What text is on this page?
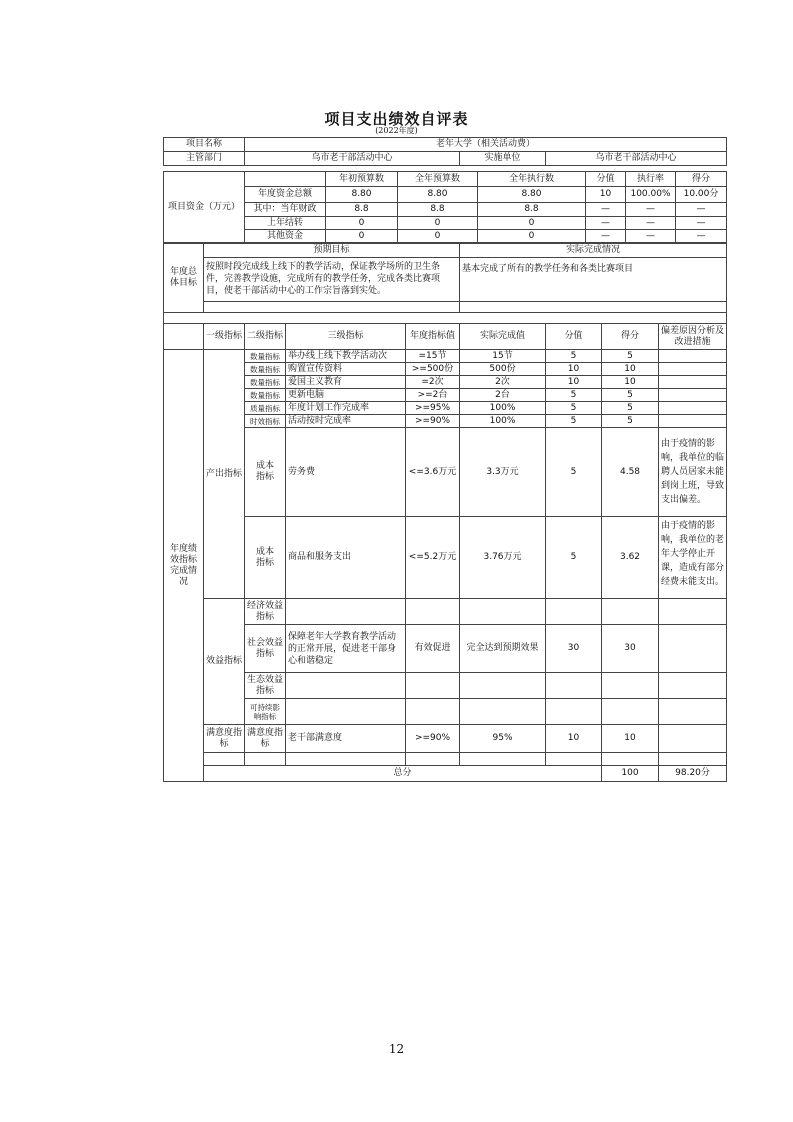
项目支出绩效自评表
(2022年度)
项目名称	老年大学（相关活动费）		
主管部门	乌市老干部活动中心	实施单位	乌市老干部活动中心
项目资金（万元）		年初预算数	全年预算数	全年执行数	分值	执行率	得分
	年度资金总额	8.80	8.80	8.80	10	100.00%	10.00分
	其中：当年财政	8.8	8.8	8.8	—	—	—
	上年结转	0	0	0	—	—	—
	其他资金	0	0	0	—	—	—
年度总体目标	预期目标				实际完成情况				
	按照时段完成线上线下的教学活动，保证教学场所的卫生条件，完善教学设施，完成所有的教学任务，完成各类比赛项目，使老干部活动中心的工作宗旨落到实处。				基本完成了所有的教学任务和各类比赛项目				

	一级指标	二级指标	三级指标	年度指标值	实际完成值	分值	得分	偏差原因分析及改进措施	
年度绩效指标完成情况	产出指标	数量指标	举办线上线下教学活动次	=15节	15节	5	5		
		数量指标	购置宣传资料	>=500份	500份	10	10		
		数量指标	爱国主义教育	=2次	2次	10	10		
		数量指标	更新电脑	>=2台	2台	5	5		
		质量指标	年度计划工作完成率	>=95%	100%	5	5		
		时效指标	活动按时完成率	>=90%	100%	5	5		
		成本指标	劳务费	<=3.6万元	3.3万元	5	4.58	由于疫情的影响，我单位的临聘人员居家未能到岗上班，导致支出偏差。	
		成本指标	商品和服务支出	<=5.2万元	3.76万元	5	3.62	由于疫情的影响，我单位的老年大学停止开课，造成有部分经费未能支出。	
	效益指标	经济效益指标							
		社会效益指标	保障老年大学教育教学活动的正常开展，促进老干部身心和谐稳定	有效促进	完全达到预期效果	30	30		
		生态效益指标							
		可持续影响指标							
	满意度指标	满意度指标	老干部满意度	>=90%	95%	10	10		

	总分						100	98.20分	
12
